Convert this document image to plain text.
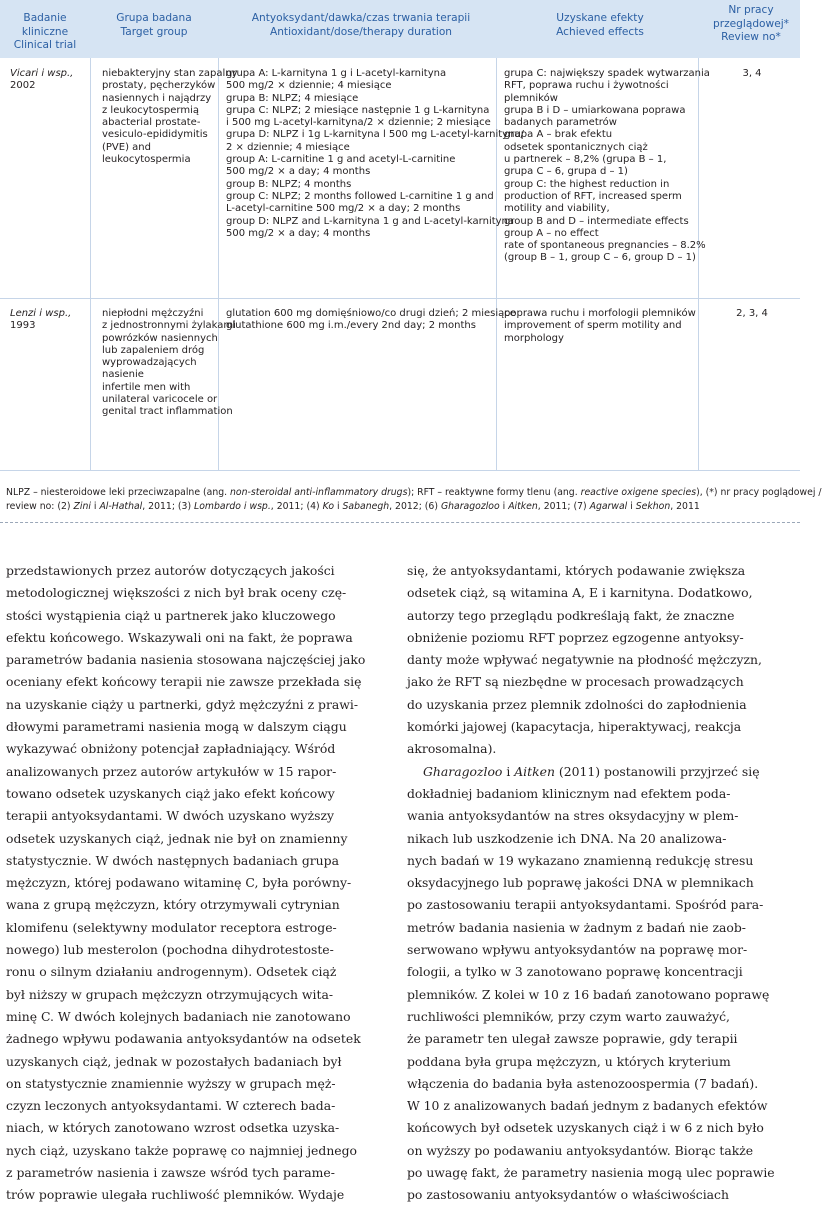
Badanie
kliniczne
Clinical trial
Grupa badana
Target group
Antyoksydant/dawka/czas trwania terapii
Antioxidant/dose/therapy duration
Uzyskane efekty
Achieved effects
Nr pracy
przeglądowej*
Review no*
Vicari i wsp.,
2002
niebakteryjny stan zapalny
prostaty, pęcherzyków
nasiennych i najądrzy
z leukocytospermią
abacterial prostate-
vesiculo-epididymitis
(PVE) and
leukocytospermia
grupa A: L-karnityna 1 g i L-acetyl-karnityna
500 mg/2 × dziennie; 4 miesiące
grupa B: NLPZ; 4 miesiące
grupa C: NLPZ; 2 miesiące następnie 1 g L-karnityna
i 500 mg L-acetyl-karnityna/2 × dziennie; 2 miesiące
grupa D: NLPZ i 1g L-karnityna l 500 mg L-acetyl-karnityna/
2 × dziennie; 4 miesiące
group A: L-carnitine 1 g and acetyl-L-carnitine
500 mg/2 × a day; 4 months
group B: NLPZ; 4 months
group C: NLPZ; 2 months followed L-carnitine 1 g and
L-acetyl-carnitine 500 mg/2 × a day; 2 months
group D: NLPZ and L-karnityna 1 g and L-acetyl-karnityna
500 mg/2 × a day; 4 months
grupa C: największy spadek wytwarzania
RFT, poprawa ruchu i żywotności
plemników
grupa B i D – umiarkowana poprawa
badanych parametrów
grupa A – brak efektu
odsetek spontanicznych ciąż
u partnerek – 8,2% (grupa B – 1,
grupa C – 6, grupa d – 1)
group C: the highest reduction in
production of RFT, increased sperm
motility and viability,
group B and D – intermediate effects
group A – no effect
rate of spontaneous pregnancies – 8.2%
(group B – 1, group C – 6, group D – 1)
3, 4
Lenzi i wsp.,
1993
niepłodni mężczyźni
z jednostronnymi żylakami
powrózków nasiennych
lub zapaleniem dróg
wyprowadzających
nasienie
infertile men with
unilateral varicocele or
genital tract inflammation
glutation 600 mg domięśniowo/co drugi dzień; 2 miesiące
glutathione 600 mg i.m./every 2nd day; 2 months
poprawa ruchu i morfologii plemników
improvement of sperm motility and
morphology
2, 3, 4
NLPZ – niesteroidowe leki przeciwzapalne (ang. non-steroidal anti-inflammatory drugs); RFT – reaktywne formy tlenu (ang. reactive oxigene species), (*) nr pracy poglądowej /
review no: (2) Zini i Al-Hathal, 2011; (3) Lombardo i wsp., 2011; (4) Ko i Sabanegh, 2012; (6) Gharagozloo i Aitken, 2011; (7) Agarwal i Sekhon, 2011
przedstawionych przez autorów dotyczących jakości
metodologicznej większości z nich był brak oceny czę-
stości wystąpienia ciąż u partnerek jako kluczowego
efektu końcowego. Wskazywali oni na fakt, że poprawa
parametrów badania nasienia stosowana najczęściej jako
oceniany efekt końcowy terapii nie zawsze przekłada się
na uzyskanie ciąży u partnerki, gdyż mężczyźni z prawi-
dłowymi parametrami nasienia mogą w dalszym ciągu
wykazywać obniżony potencjał zapładniający. Wśród
analizowanych przez autorów artykułów w 15 rapor-
towano odsetek uzyskanych ciąż jako efekt końcowy
terapii antyoksydantami. W dwóch uzyskano wyższy
odsetek uzyskanych ciąż, jednak nie był on znamienny
statystycznie. W dwóch następnych badaniach grupa
mężczyzn, której podawano witaminę C, była porówny-
wana z grupą mężczyzn, który otrzymywali cytrynian
klomifenu (selektywny modulator receptora estroge-
nowego) lub mesterolon (pochodna dihydrotestoste-
ronu o silnym działaniu androgennym). Odsetek ciąż
był niższy w grupach mężczyzn otrzymujących wita-
minę C. W dwóch kolejnych badaniach nie zanotowano
żadnego wpływu podawania antyoksydantów na odsetek
uzyskanych ciąż, jednak w pozostałych badaniach był
on statystycznie znamiennie wyższy w grupach męż-
czyzn leczonych antyoksydantami. W czterech bada-
niach, w których zanotowano wzrost odsetka uzyska-
nych ciąż, uzyskano także poprawę co najmniej jednego
z parametrów nasienia i zawsze wśród tych parame-
trów poprawie ulegała ruchliwość plemników. Wydaje
się, że antyoksydantami, których podawanie zwiększa
odsetek ciąż, są witamina A, E i karnityna. Dodatkowo,
autorzy tego przeglądu podkreślają fakt, że znaczne
obniżenie poziomu RFT poprzez egzogenne antyoksy-
danty może wpływać negatywnie na płodność mężczyzn,
jako że RFT są niezbędne w procesach prowadzących
do uzyskania przez plemnik zdolności do zapłodnienia
komórki jajowej (kapacytacja, hiperaktywacj, reakcja
akrosomalna).
Gharagozloo i Aitken (2011) postanowili przyjrzeć się
dokładniej badaniom klinicznym nad efektem poda-
wania antyoksydantów na stres oksydacyjny w plem-
nikach lub uszkodzenie ich DNA. Na 20 analizowa-
nych badań w 19 wykazano znamienną redukcję stresu
oksydacyjnego lub poprawę jakości DNA w plemnikach
po zastosowaniu terapii antyoksydantami. Spośród para-
metrów badania nasienia w żadnym z badań nie zaob-
serwowano wpływu antyoksydantów na poprawę mor-
fologii, a tylko w 3 zanotowano poprawę koncentracji
plemników. Z kolei w 10 z 16 badań zanotowano poprawę
ruchliwości plemników, przy czym warto zauważyć,
że parametr ten ulegał zawsze poprawie, gdy terapii
poddana była grupa mężczyzn, u których kryterium
włączenia do badania była astenozoospermia (7 badań).
W 10 z analizowanych badań jednym z badanych efektów
końcowych był odsetek uzyskanych ciąż i w 6 z nich było
on wyższy po podawaniu antyoksydantów. Biorąc także
po uwagę fakt, że parametry nasienia mogą ulec poprawie
po zastosowaniu antyoksydantów o właściwościach
